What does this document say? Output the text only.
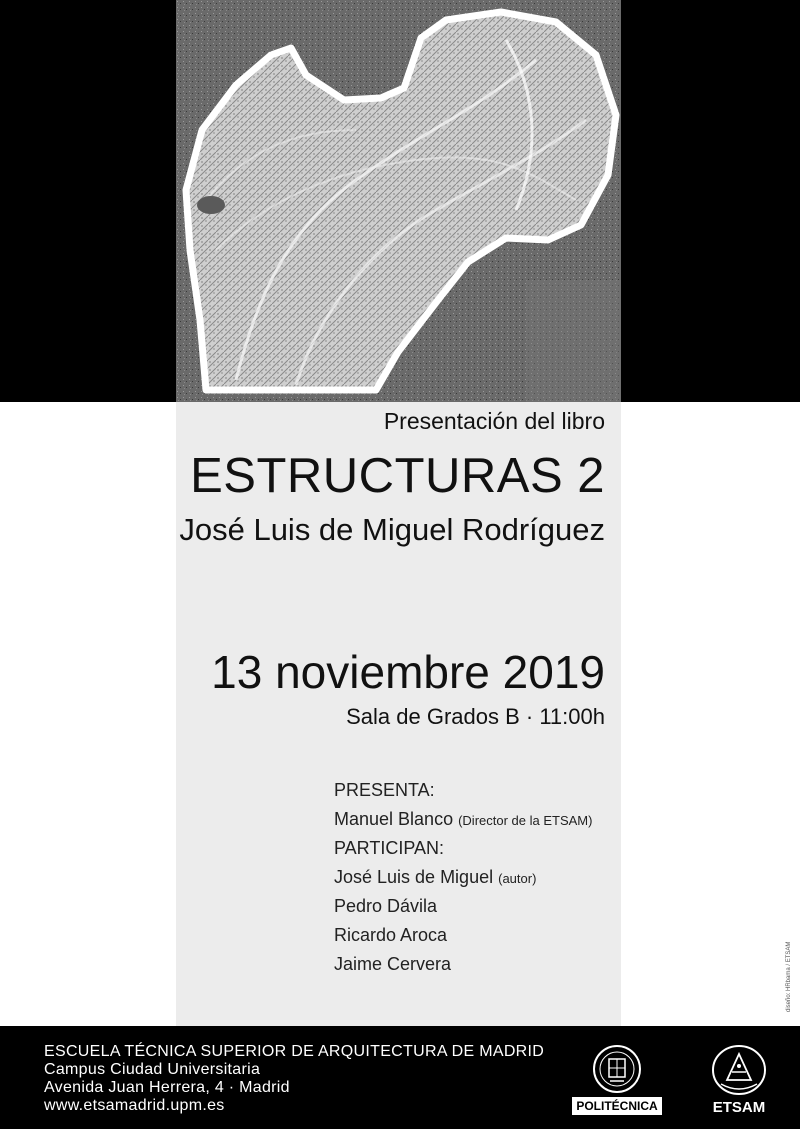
Presentación del libro
ESTRUCTURAS 2
José Luis de Miguel Rodríguez
13 noviembre 2019
Sala de Grados B · 11:00h
PRESENTA:
Manuel Blanco (Director de la ETSAM)
PARTICIPAN:
José Luis de Miguel (autor)
Pedro Dávila
Ricardo Aroca
Jaime Cervera	diseño: HRbama / ETSAM
ESCUELA TÉCNICA SUPERIOR DE ARQUITECTURA DE MADRID
Campus Ciudad Universitaria
Avenida Juan Herrera, 4 · Madrid
www.etsamadrid.upm.es	POLITÉCNICA	ETSAM
